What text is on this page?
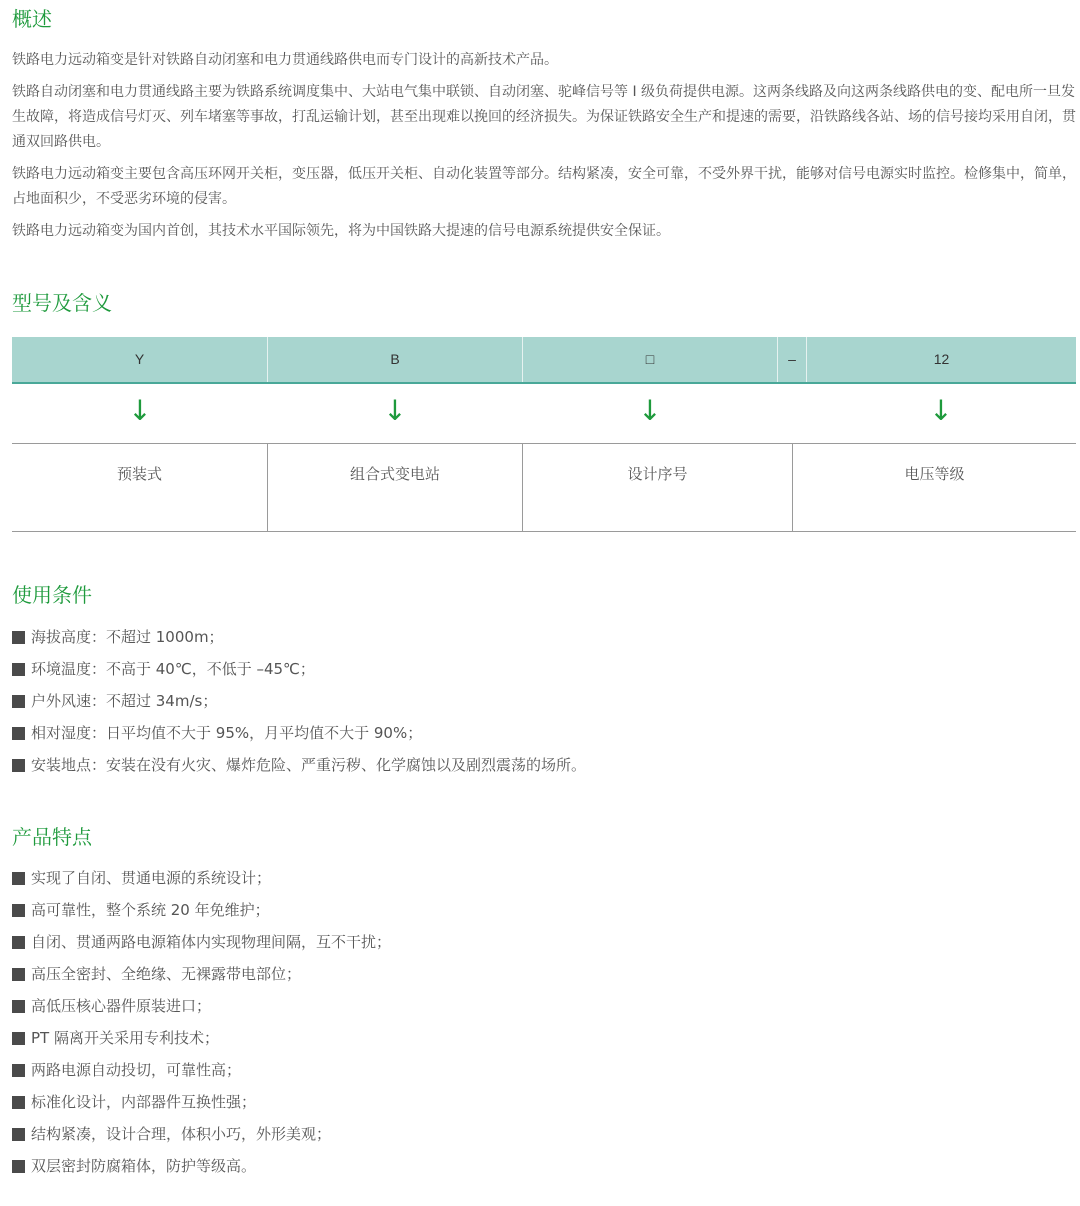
概述

铁路电力远动箱变是针对铁路自动闭塞和电力贯通线路供电而专门设计的高新技术产品。

铁路自动闭塞和电力贯通线路主要为铁路系统调度集中、大站电气集中联锁、自动闭塞、驼峰信号等 I 级负荷提供电源。这两条线路及向这两条线路供电的变、配电所一旦发生故障，将造成信号灯灭、列车堵塞等事故，打乱运输计划，甚至出现难以挽回的经济损失。为保证铁路安全生产和提速的需要，沿铁路线各站、场的信号接均采用自闭，贯通双回路供电。

铁路电力远动箱变主要包含高压环网开关柜，变压器，低压开关柜、自动化装置等部分。结构紧凑，安全可靠，不受外界干扰，能够对信号电源实时监控。检修集中，简单，占地面积少，不受恶劣环境的侵害。

铁路电力远动箱变为国内首创，其技术水平国际领先，将为中国铁路大提速的信号电源系统提供安全保证。

型号及含义
Y	B	□	–	12
↓	↓	↓	↓
预装式	组合式变电站	设计序号	电压等级
使用条件
海拔高度：不超过 1000m；
环境温度：不高于 40℃，不低于 –45℃；
户外风速：不超过 34m/s；
相对湿度：日平均值不大于 95%，月平均值不大于 90%；
安装地点：安装在没有火灾、爆炸危险、严重污秽、化学腐蚀以及剧烈震荡的场所。
产品特点
实现了自闭、贯通电源的系统设计；
高可靠性，整个系统 20 年免维护；
自闭、贯通两路电源箱体内实现物理间隔，互不干扰；
高压全密封、全绝缘、无裸露带电部位；
高低压核心器件原装进口；
PT 隔离开关采用专利技术；
两路电源自动投切，可靠性高；
标准化设计，内部器件互换性强；
结构紧凑，设计合理，体积小巧，外形美观；
双层密封防腐箱体，防护等级高。
